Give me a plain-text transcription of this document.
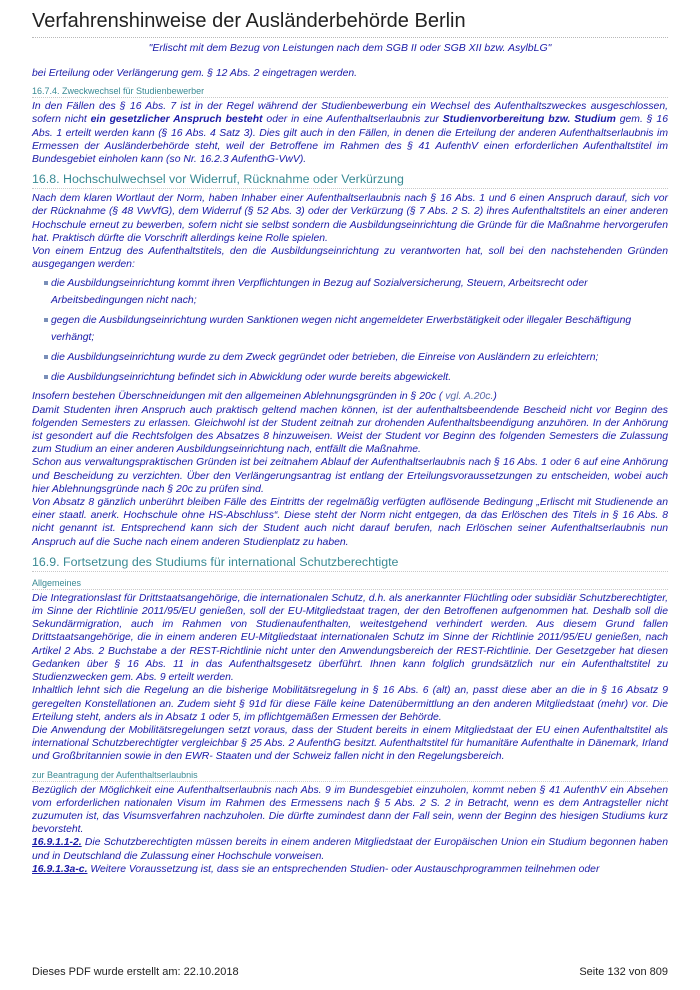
Verfahrenshinweise der Ausländerbehörde Berlin
"Erlischt mit dem Bezug von Leistungen nach dem SGB II oder SGB XII bzw. AsylbLG"

bei Erteilung oder Verlängerung gem. § 12 Abs. 2 eingetragen werden.

16.7.4. Zweckwechsel für Studienbewerber

In den Fällen des § 16 Abs. 7 ist in der Regel während der Studienbewerbung ein Wechsel des Aufenthaltszweckes ausgeschlossen, sofern nicht ein gesetzlicher Anspruch besteht oder in eine Aufenthaltserlaubnis zur Studienvorbereitung bzw. Studium gem. § 16 Abs. 1 erteilt werden kann (§ 16 Abs. 4 Satz 3). Dies gilt auch in den Fällen, in denen die Erteilung der anderen Aufenthaltserlaubnis im Ermessen der Ausländerbehörde steht, weil der Betroffene im Rahmen des § 41 AufenthV einen erforderlichen Aufenthaltstitel im Bundesgebiet einholen kann (so Nr. 16.2.3 AufenthG-VwV).

16.8. Hochschulwechsel vor Widerruf, Rücknahme oder Verkürzung

Nach dem klaren Wortlaut der Norm, haben Inhaber einer Aufenthaltserlaubnis nach § 16 Abs. 1 und 6 einen Anspruch darauf, sich vor der Rücknahme (§ 48 VwVfG), dem Widerruf (§ 52 Abs. 3) oder der Verkürzung (§ 7 Abs. 2 S. 2) ihres Aufenthaltstitels an einer anderen Hochschule erneut zu bewerben, sofern nicht sie selbst sondern die Ausbildungseinrichtung die Gründe für die Maßnahme hervorgerufen hat. Praktisch dürfte die Vorschrift allerdings keine Rolle spielen.

Von einem Entzug des Aufenthaltstitels, den die Ausbildungseinrichtung zu verantworten hat, soll bei den nachstehenden Gründen ausgegangen werden:

die Ausbildungseinrichtung kommt ihren Verpflichtungen in Bezug auf Sozialversicherung, Steuern, Arbeitsrecht oder Arbeitsbedingungen nicht nach;
gegen die Ausbildungseinrichtung wurden Sanktionen wegen nicht angemeldeter Erwerbstätigkeit oder illegaler Beschäftigung verhängt;
die Ausbildungseinrichtung wurde zu dem Zweck gegründet oder betrieben, die Einreise von Ausländern zu erleichtern;
die Ausbildungseinrichtung befindet sich in Abwicklung oder wurde bereits abgewickelt.

Insofern bestehen Überschneidungen mit den allgemeinen Ablehnungsgründen in § 20c ( vgl. A.20c.)

Damit Studenten ihren Anspruch auch praktisch geltend machen können, ist der aufenthaltsbeendende Bescheid nicht vor Beginn des folgenden Semesters zu erlassen. Gleichwohl ist der Student zeitnah zur drohenden Aufenthaltsbeendigung anzuhören. In der Anhörung ist gesondert auf die Rechtsfolgen des Absatzes 8 hinzuweisen. Weist der Student vor Beginn des folgenden Semesters die Zulassung zum Studium an einer anderen Ausbildungseinrichtung nach, entfällt die Maßnahme.

Schon aus verwaltungspraktischen Gründen ist bei zeitnahem Ablauf der Aufenthaltserlaubnis nach § 16 Abs. 1 oder 6 auf eine Anhörung und Bescheidung zu verzichten. Über den Verlängerungsantrag ist entlang der Erteilungsvoraussetzungen zu entscheiden, wobei auch hier Ablehnungsgründe nach § 20c zu prüfen sind.

Von Absatz 8 gänzlich unberührt bleiben Fälle des Eintritts der regelmäßig verfügten auflösende Bedingung „Erlischt mit Studienende an einer staatl. anerk. Hochschule ohne HS-Abschluss“. Diese steht der Norm nicht entgegen, da das Erlöschen des Titels in § 16 Abs. 8 nicht genannt ist. Entsprechend kann sich der Student auch nicht darauf berufen, nach Erlöschen seiner Aufenthaltserlaubnis nun Anspruch auf die Suche nach einem anderen Studienplatz zu haben.

16.9. Fortsetzung des Studiums für international Schutzberechtigte
Allgemeines

Die Integrationslast für Drittstaatsangehörige, die internationalen Schutz, d.h. als anerkannter Flüchtling oder subsidiär Schutzberechtigter, im Sinne der Richtlinie 2011/95/EU genießen, soll der EU-Mitgliedstaat tragen, der den Betroffenen aufgenommen hat. Deshalb soll die Sekundärmigration, auch im Rahmen von Studienaufenthalten, weitestgehend verhindert werden. Aus diesem Grund fallen Drittstaatsangehörige, die in einem anderen EU-Mitgliedstaat internationalen Schutz im Sinne der Richtlinie 2011/95/EU genießen, nach Artikel 2 Abs. 2 Buchstabe a der REST-Richtlinie nicht unter den Anwendungsbereich der REST-Richtlinie. Der Gesetzgeber hat diesen Gedanken über § 16 Abs. 11 in das Aufenthaltsgesetz überführt. Ihnen kann folglich grundsätzlich nur ein Aufenthaltstitel zu Studienzwecken gem. Abs. 9 erteilt werden.

Inhaltlich lehnt sich die Regelung an die bisherige Mobilitätsregelung in § 16 Abs. 6 (alt) an, passt diese aber an die in § 16 Absatz 9 geregelten Konstellationen an. Zudem sieht § 91d für diese Fälle keine Datenübermittlung an den anderen Mitgliedstaat (mehr) vor. Die Erteilung steht, anders als in Absatz 1 oder 5, im pflichtgemäßen Ermessen der Behörde.

Die Anwendung der Mobilitätsregelungen setzt voraus, dass der Student bereits in einem Mitgliedstaat der EU einen Aufenthaltstitel als international Schutzberechtigter vergleichbar § 25 Abs. 2 AufenthG besitzt. Aufenthaltstitel für humanitäre Aufenthalte in Dänemark, Irland und Großbritannien sowie in den EWR- Staaten und der Schweiz fallen nicht in den Regelungsbereich.

zur Beantragung der Aufenthaltserlaubnis

Bezüglich der Möglichkeit eine Aufenthaltserlaubnis nach Abs. 9 im Bundesgebiet einzuholen, kommt neben § 41 AufenthV ein Absehen vom erforderlichen nationalen Visum im Rahmen des Ermessens nach § 5 Abs. 2 S. 2 in Betracht, wenn es dem Antragsteller nicht zuzumuten ist, das Visumsverfahren nachzuholen. Die dürfte zumindest dann der Fall sein, wenn der Beginn des hiesigen Studiums kurz bevorsteht.

16.9.1.1-2. Die Schutzberechtigten müssen bereits in einem anderen Mitgliedstaat der Europäischen Union ein Studium begonnen haben und in Deutschland die Zulassung einer Hochschule vorweisen.

16.9.1.3a-c. Weitere Voraussetzung ist, dass sie an entsprechenden Studien- oder Austauschprogrammen teilnehmen oder

Dieses PDF wurde erstellt am: 22.10.2018	Seite 132 von 809
